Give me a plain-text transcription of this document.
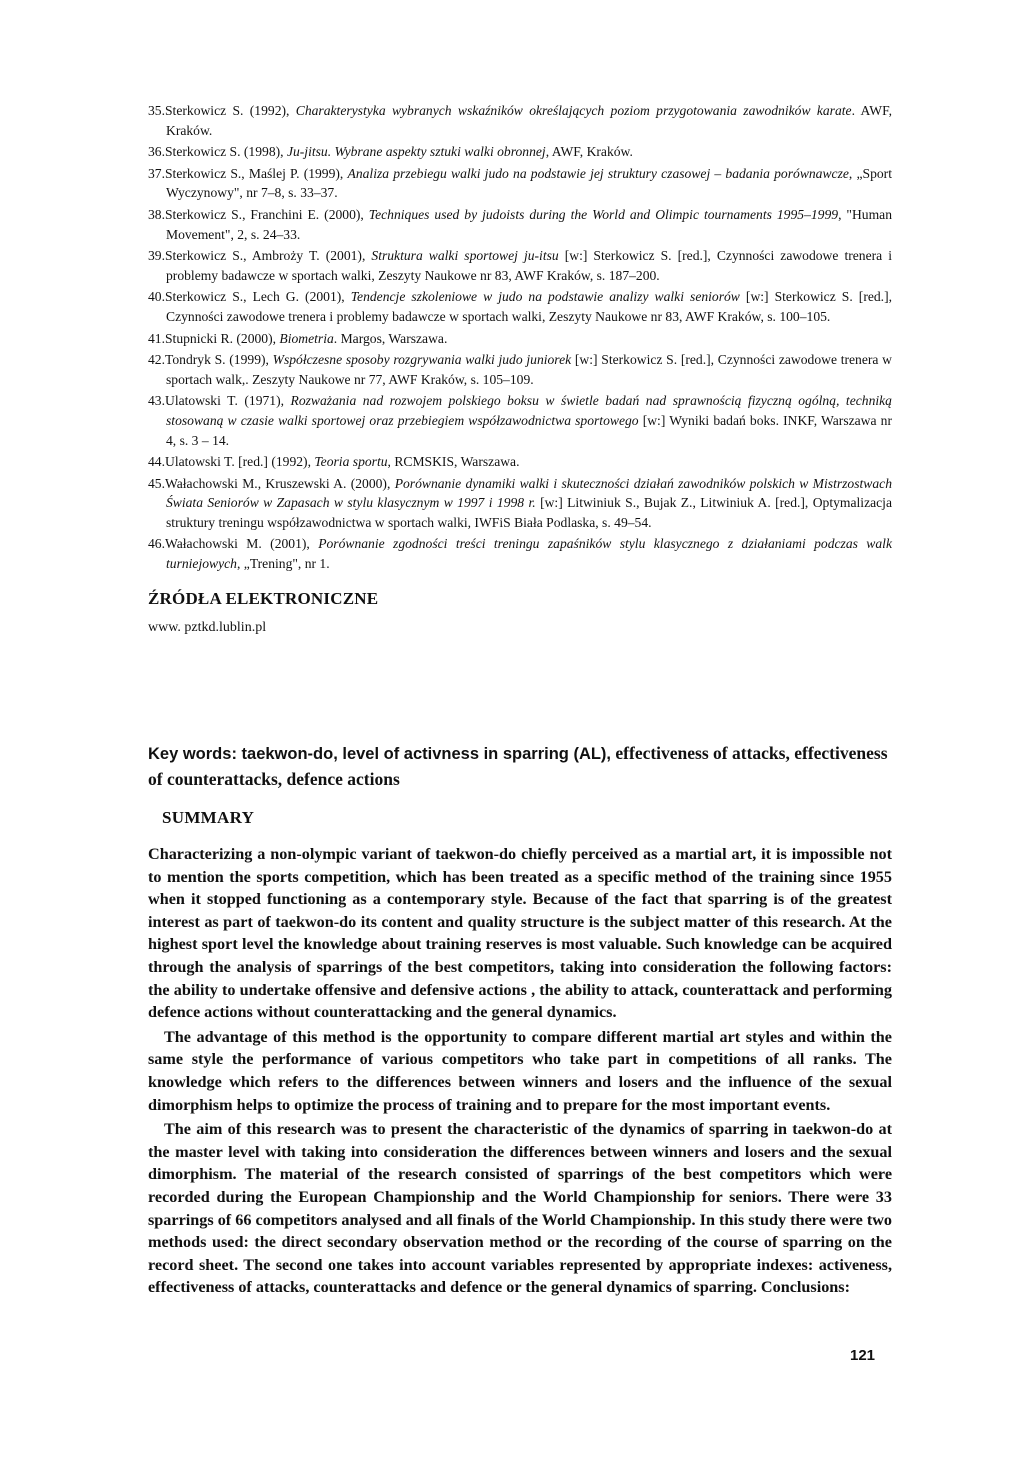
35.Sterkowicz S. (1992), Charakterystyka wybranych wskaźników określających poziom przygotowania zawodników karate. AWF, Kraków.
36.Sterkowicz S. (1998), Ju-jitsu. Wybrane aspekty sztuki walki obronnej, AWF, Kraków.
37.Sterkowicz S., Maślej P. (1999), Analiza przebiegu walki judo na podstawie jej struktury czasowej – badania porównawcze, „Sport Wyczynowy", nr 7–8, s. 33–37.
38.Sterkowicz S., Franchini E. (2000), Techniques used by judoists during the World and Olimpic tournaments 1995–1999, "Human Movement", 2, s. 24–33.
39.Sterkowicz S., Ambroży T. (2001), Struktura walki sportowej ju-itsu [w:] Sterkowicz S. [red.], Czynności zawodowe trenera i problemy badawcze w sportach walki, Zeszyty Naukowe nr 83, AWF Kraków, s. 187–200.
40.Sterkowicz S., Lech G. (2001), Tendencje szkoleniowe w judo na podstawie analizy walki seniorów [w:] Sterkowicz S. [red.], Czynności zawodowe trenera i problemy badawcze w sportach walki, Zeszyty Naukowe nr 83, AWF Kraków, s. 100–105.
41.Stupnicki R. (2000), Biometria. Margos, Warszawa.
42.Tondryk S. (1999), Współczesne sposoby rozgrywania walki judo juniorek [w:] Sterkowicz S. [red.], Czynności zawodowe trenera w sportach walk,. Zeszyty Naukowe nr 77, AWF Kraków, s. 105–109.
43.Ulatowski T. (1971), Rozważania nad rozwojem polskiego boksu w świetle badań nad sprawnością fizyczną ogólną, techniką stosowaną w czasie walki sportowej oraz przebiegiem współzawodnictwa sportowego [w:] Wyniki badań boks. INKF, Warszawa nr 4, s. 3 – 14.
44.Ulatowski T. [red.] (1992), Teoria sportu, RCMSKIS, Warszawa.
45.Wałachowski M., Kruszewski A. (2000), Porównanie dynamiki walki i skuteczności działań zawodników polskich w Mistrzostwach Świata Seniorów w Zapasach w stylu klasycznym w 1997 i 1998 r. [w:] Litwiniuk S., Bujak Z., Litwiniuk A. [red.], Optymalizacja struktury treningu współzawodnictwa w sportach walki, IWFiS Biała Podlaska, s. 49–54.
46.Wałachowski M. (2001), Porównanie zgodności treści treningu zapaśników stylu klasycznego z działaniami podczas walk turniejowych, „Trening", nr 1.
ŹRÓDŁA ELEKTRONICZNE
www. pztkd.lublin.pl
Key words: taekwon-do, level of activness in sparring (AL), effectiveness of attacks, effectiveness of counterattacks, defence actions
SUMMARY

Characterizing a non-olympic variant of taekwon-do chiefly perceived as a martial art, it is impossible not to mention the sports competition, which has been treated as a specific method of the training since 1955 when it stopped functioning as a contemporary style. Because of the fact that sparring is of the greatest interest as part of taekwon-do its content and quality structure is the subject matter of this research. At the highest sport level the knowledge about training reserves is most valuable. Such knowledge can be acquired through the analysis of sparrings of the best competitors, taking into consideration the following factors: the ability to undertake offensive and defensive actions , the ability to attack, counterattack and performing defence actions without counterattacking and the general dynamics.

The advantage of this method is the opportunity to compare different martial art styles and within the same style the performance of various competitors who take part in competitions of all ranks. The knowledge which refers to the differences between winners and losers and the influence of the sexual dimorphism helps to optimize the process of training and to prepare for the most important events.

The aim of this research was to present the characteristic of the dynamics of sparring in taekwon-do at the master level with taking into consideration the differences between winners and losers and the sexual dimorphism. The material of the research consisted of sparrings of the best competitors which were recorded during the European Championship and the World Championship for seniors. There were 33 sparrings of 66 competitors analysed and all finals of the World Championship. In this study there were two methods used: the direct secondary observation method or the recording of the course of sparring on the record sheet. The second one takes into account variables represented by appropriate indexes: activeness, effectiveness of attacks, counterattacks and defence or the general dynamics of sparring. Conclusions:

121
